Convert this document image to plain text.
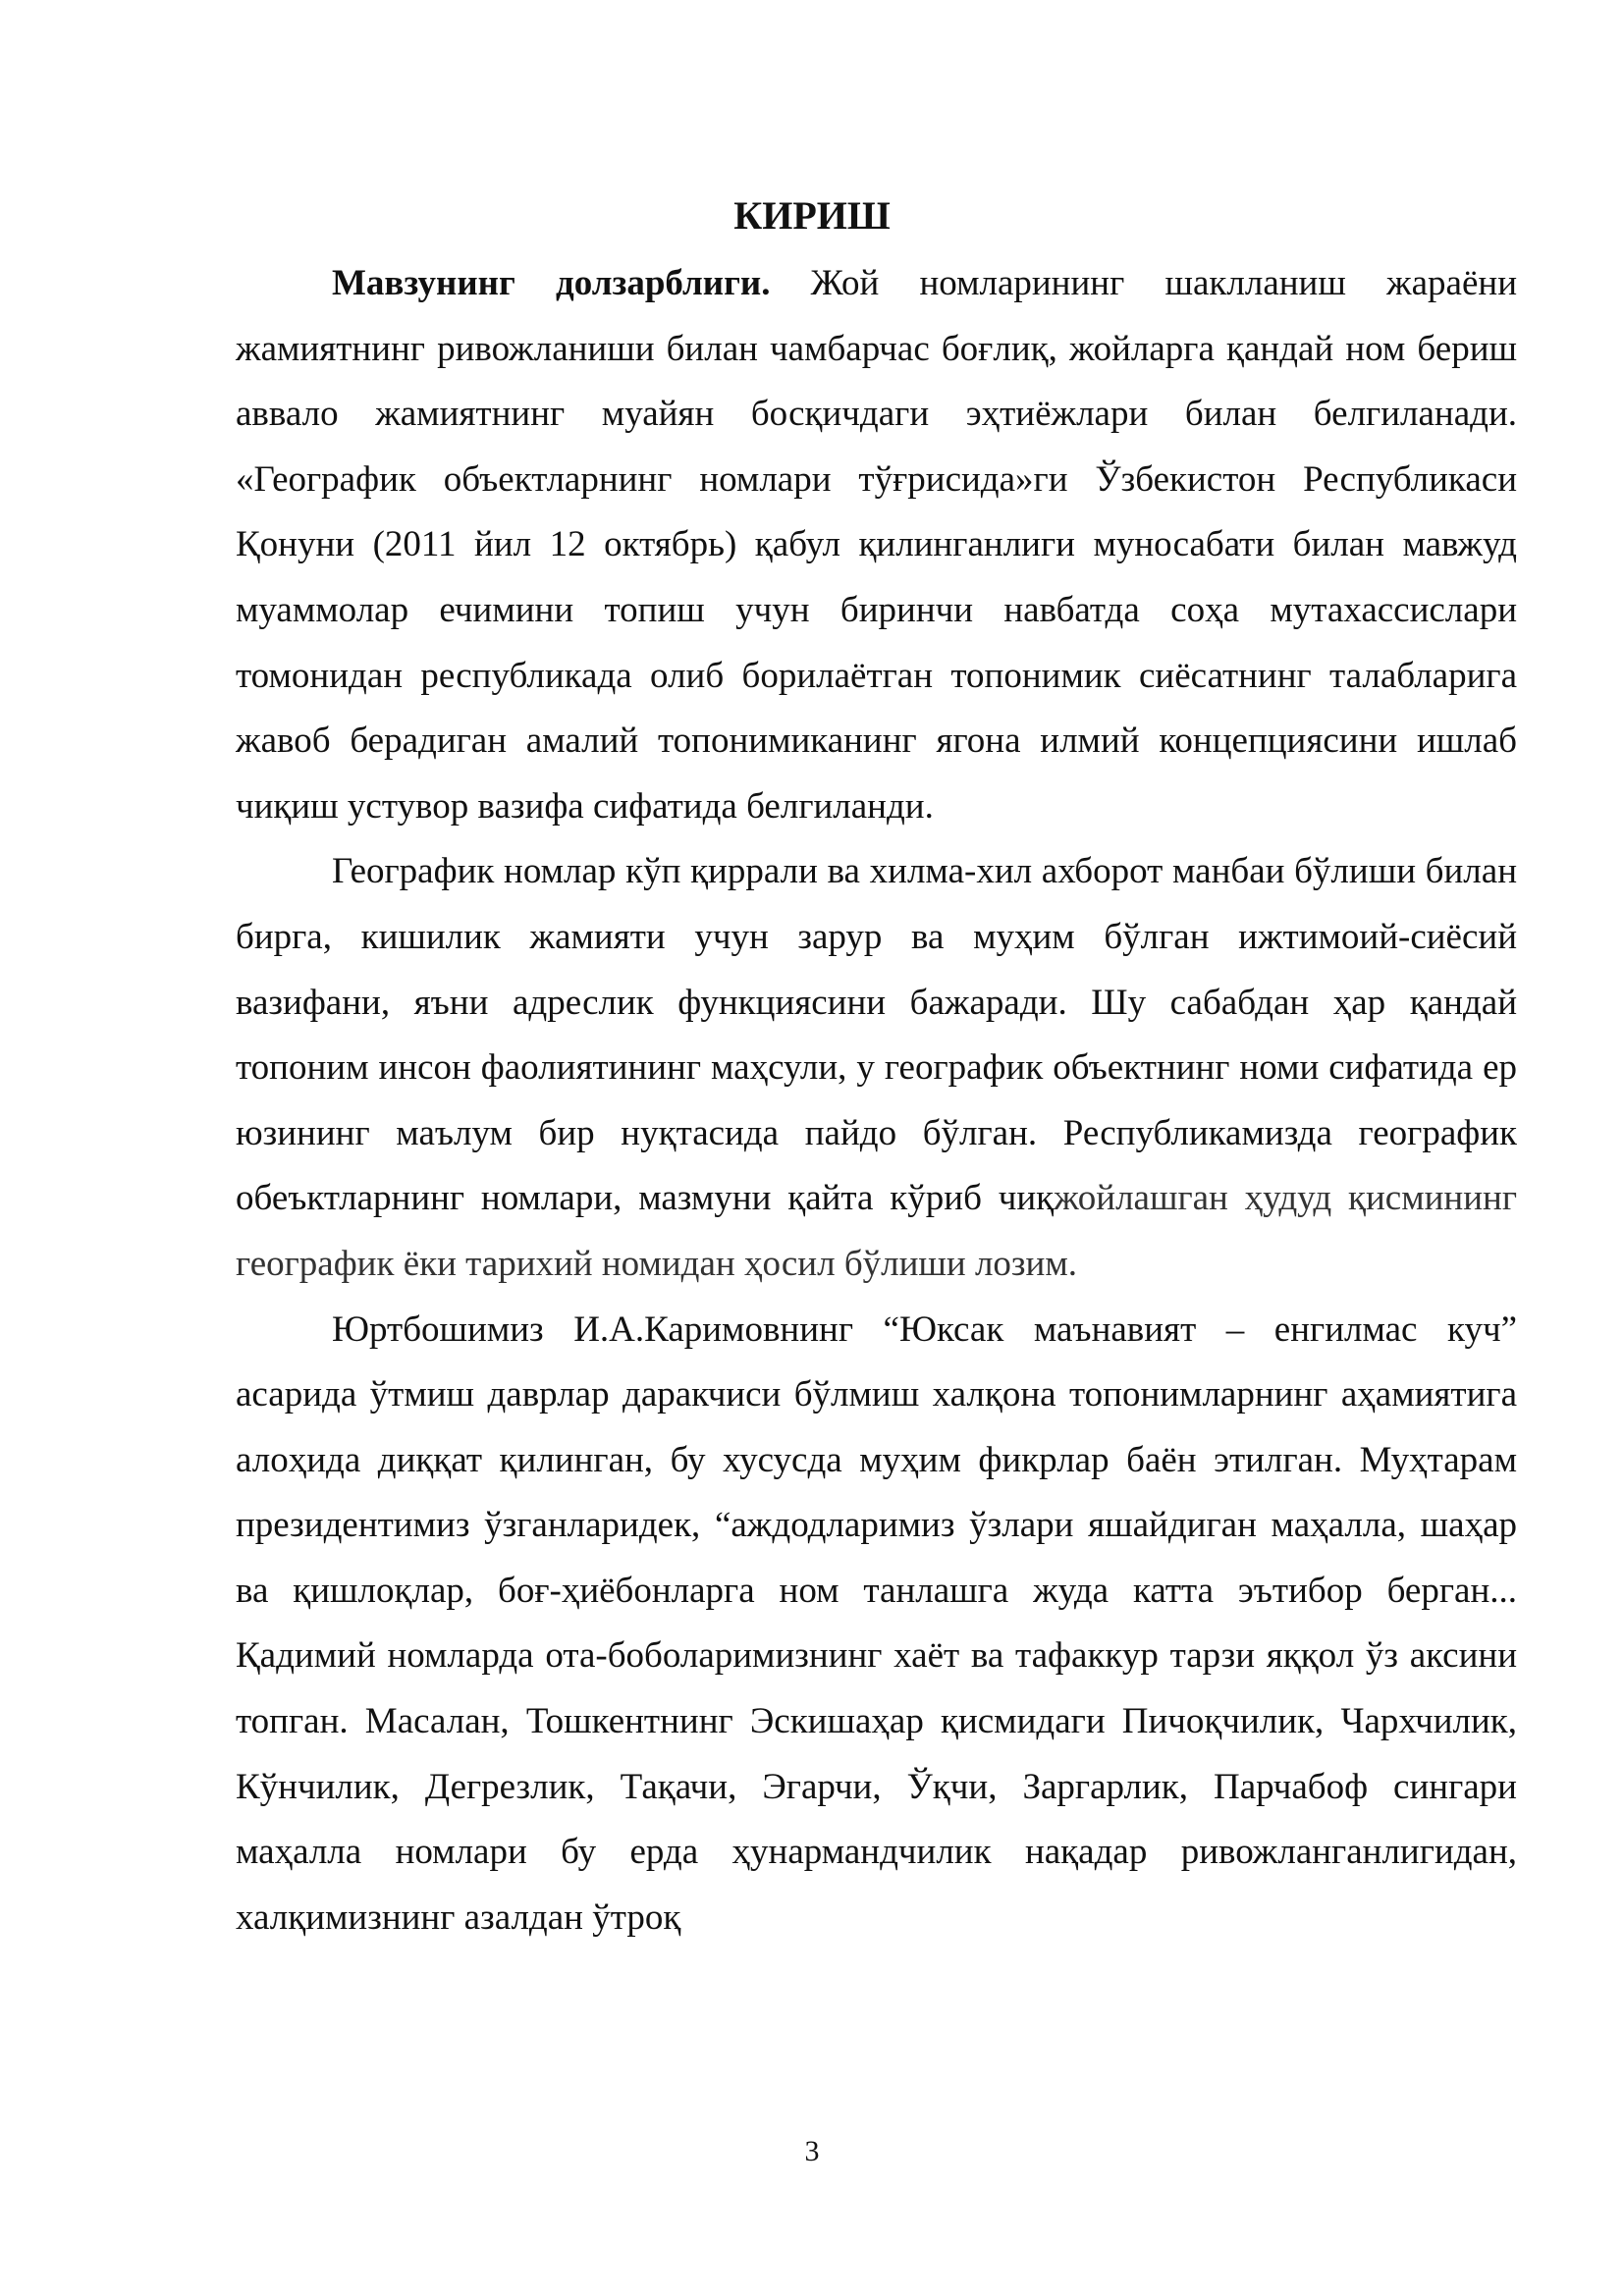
КИРИШ

Мавзунинг долзарблиги. Жой номларининг шаклланиш жараёни жамиятнинг ривожланиши билан чамбарчас боғлиқ, жойларга қандай ном бериш аввало жамиятнинг муайян босқичдаги эҳтиёжлари билан белгиланади. «Географик объектларнинг номлари тўғрисида»ги Ўзбекистон Республикаси Қонуни (2011 йил 12 октябрь) қабул қилинганлиги муносабати билан мавжуд муаммолар ечимини топиш учун биринчи навбатда соҳа мутахассислари томонидан республикада олиб борилаётган топонимик сиёсатнинг талабларига жавоб берадиган амалий топонимиканинг ягона илмий концепциясини ишлаб чиқиш устувор вазифа сифатида белгиланди.

Географик номлар кўп қиррали ва хилма-хил ахборот манбаи бўлиши билан бирга, кишилик жамияти учун зарур ва муҳим бўлган ижтимоий-сиёсий вазифани, яъни адреслик функциясини бажаради. Шу сабабдан ҳар қандай топоним инсон фаолиятининг маҳсули, у географик объектнинг номи сифатида ер юзининг маълум бир нуқтасида пайдо бўлган. Республикамизда географик обеъктларнинг номлари, мазмуни қайта кўриб чиқжойлашган ҳудуд қисмининг географик ёки тарихий номидан ҳосил бўлиши лозим.

Юртбошимиз И.А.Каримовнинг “Юксак маънавият – енгилмас куч” асарида ўтмиш даврлар даракчиси бўлмиш халқона топонимларнинг аҳамиятига алоҳида диққат қилинган, бу хусусда муҳим фикрлар баён этилган. Муҳтарам президентимиз ўзганларидек, “аждодларимиз ўзлари яшайдиган маҳалла, шаҳар ва қишлоқлар, боғ-ҳиёбонларга ном танлашга жуда катта эътибор берган... Қадимий номларда ота-боболаримизнинг хаёт ва тафаккур тарзи яққол ўз аксини топган. Масалан, Тошкентнинг Эскишаҳар қисмидаги Пичоқчилик, Чархчилик, Кўнчилик, Дегрезлик, Тақачи, Эгарчи, Ўқчи, Заргарлик, Парчабоф сингари маҳалла номлари бу ерда ҳунармандчилик нақадар ривожланганлигидан, халқимизнинг азалдан ўтроқ

3
